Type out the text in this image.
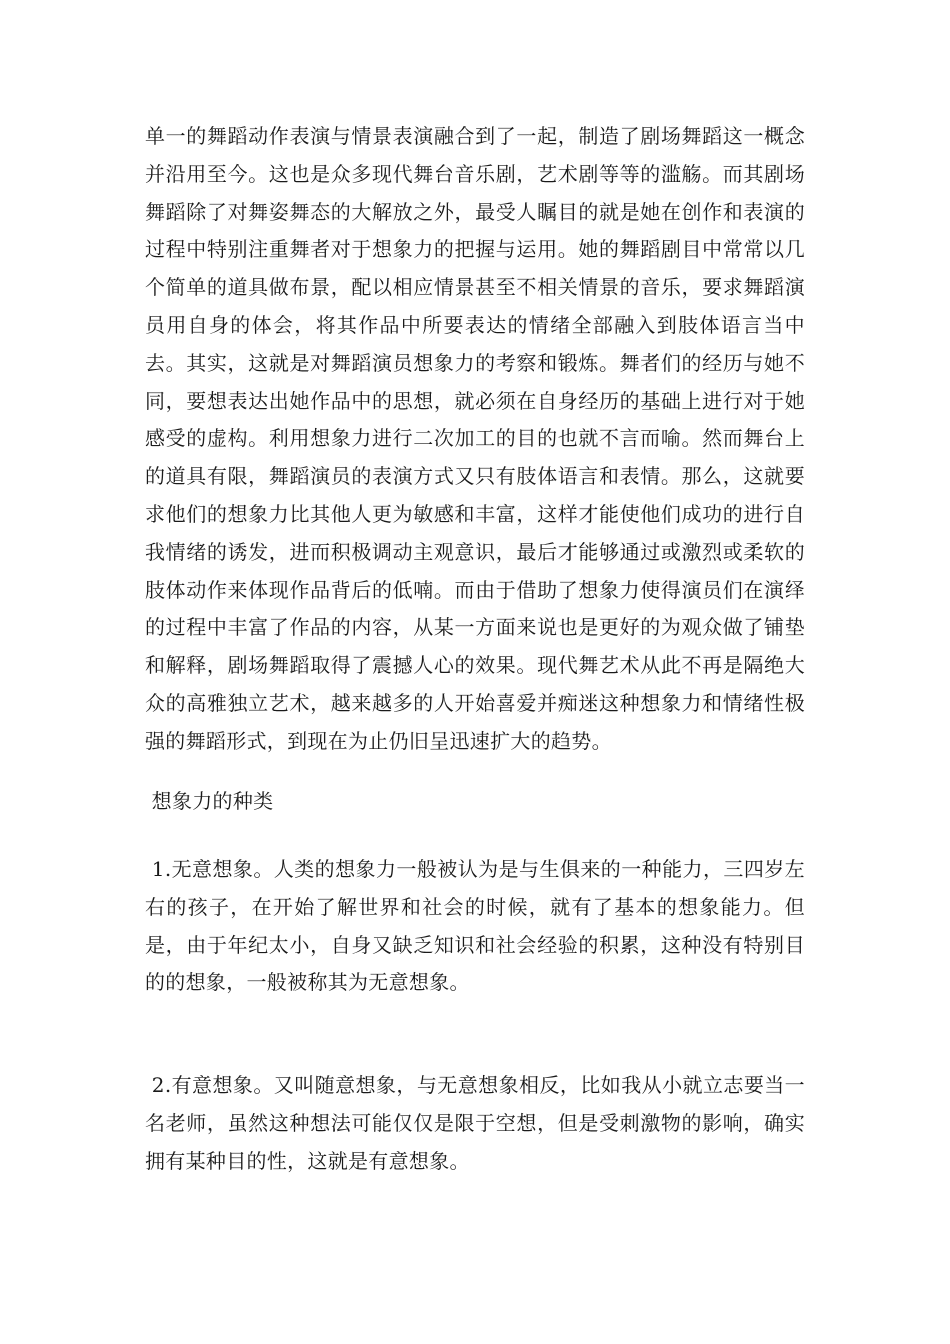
单一的舞蹈动作表演与情景表演融合到了一起，制造了剧场舞蹈这一概念并沿用至今。这也是众多现代舞台音乐剧，艺术剧等等的滥觞。而其剧场舞蹈除了对舞姿舞态的大解放之外，最受人瞩目的就是她在创作和表演的过程中特别注重舞者对于想象力的把握与运用。她的舞蹈剧目中常常以几个简单的道具做布景，配以相应情景甚至不相关情景的音乐，要求舞蹈演员用自身的体会，将其作品中所要表达的情绪全部融入到肢体语言当中去。其实，这就是对舞蹈演员想象力的考察和锻炼。舞者们的经历与她不同，要想表达出她作品中的思想，就必须在自身经历的基础上进行对于她感受的虚构。利用想象力进行二次加工的目的也就不言而喻。然而舞台上的道具有限，舞蹈演员的表演方式又只有肢体语言和表情。那么，这就要求他们的想象力比其他人更为敏感和丰富，这样才能使他们成功的进行自我情绪的诱发，进而积极调动主观意识，最后才能够通过或激烈或柔软的肢体动作来体现作品背后的低喃。而由于借助了想象力使得演员们在演绎的过程中丰富了作品的内容，从某一方面来说也是更好的为观众做了铺垫和解释，剧场舞蹈取得了震撼人心的效果。现代舞艺术从此不再是隔绝大众的高雅独立艺术，越来越多的人开始喜爱并痴迷这种想象力和情绪性极强的舞蹈形式，到现在为止仍旧呈迅速扩大的趋势。

想象力的种类

1.无意想象。人类的想象力一般被认为是与生俱来的一种能力，三四岁左右的孩子，在开始了解世界和社会的时候，就有了基本的想象能力。但是，由于年纪太小，自身又缺乏知识和社会经验的积累，这种没有特别目的的想象，一般被称其为无意想象。

2.有意想象。又叫随意想象，与无意想象相反，比如我从小就立志要当一名老师，虽然这种想法可能仅仅是限于空想，但是受刺激物的影响，确实拥有某种目的性，这就是有意想象。
